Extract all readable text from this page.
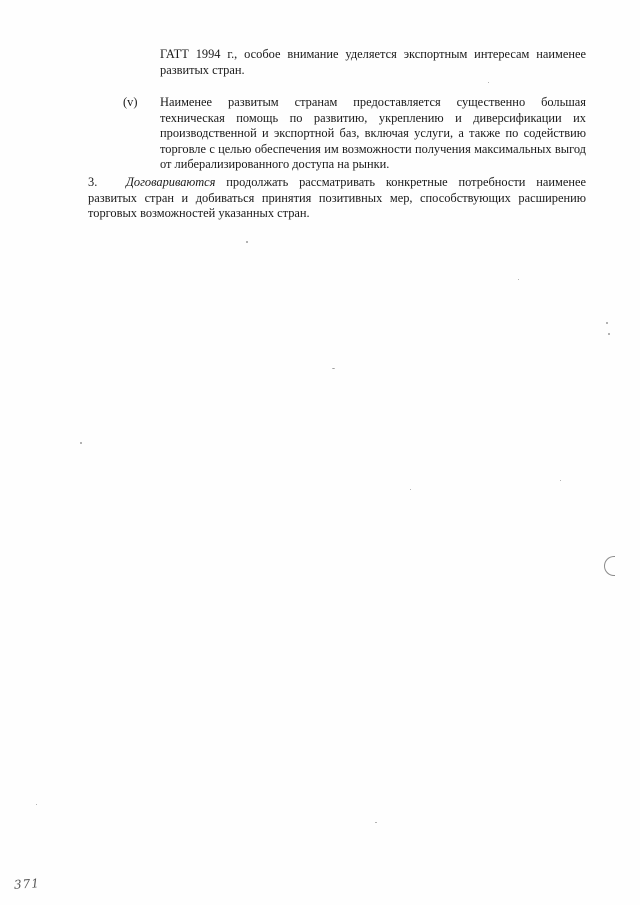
ГАТТ 1994 г., особое внимание уделяется экспортным интересам наименее развитых стран.
(v) Наименее развитым странам предоставляется существенно большая техническая помощь по развитию, укреплению и диверсификации их производственной и экспортной баз, включая услуги, а также по содействию торговле с целью обеспечения им возможности получения максимальных выгод от либерализированного доступа на рынки.
3. Договариваются продолжать рассматривать конкретные потребности наименее развитых стран и добиваться принятия позитивных мер, способствующих расширению торговых возможностей указанных стран.
371
